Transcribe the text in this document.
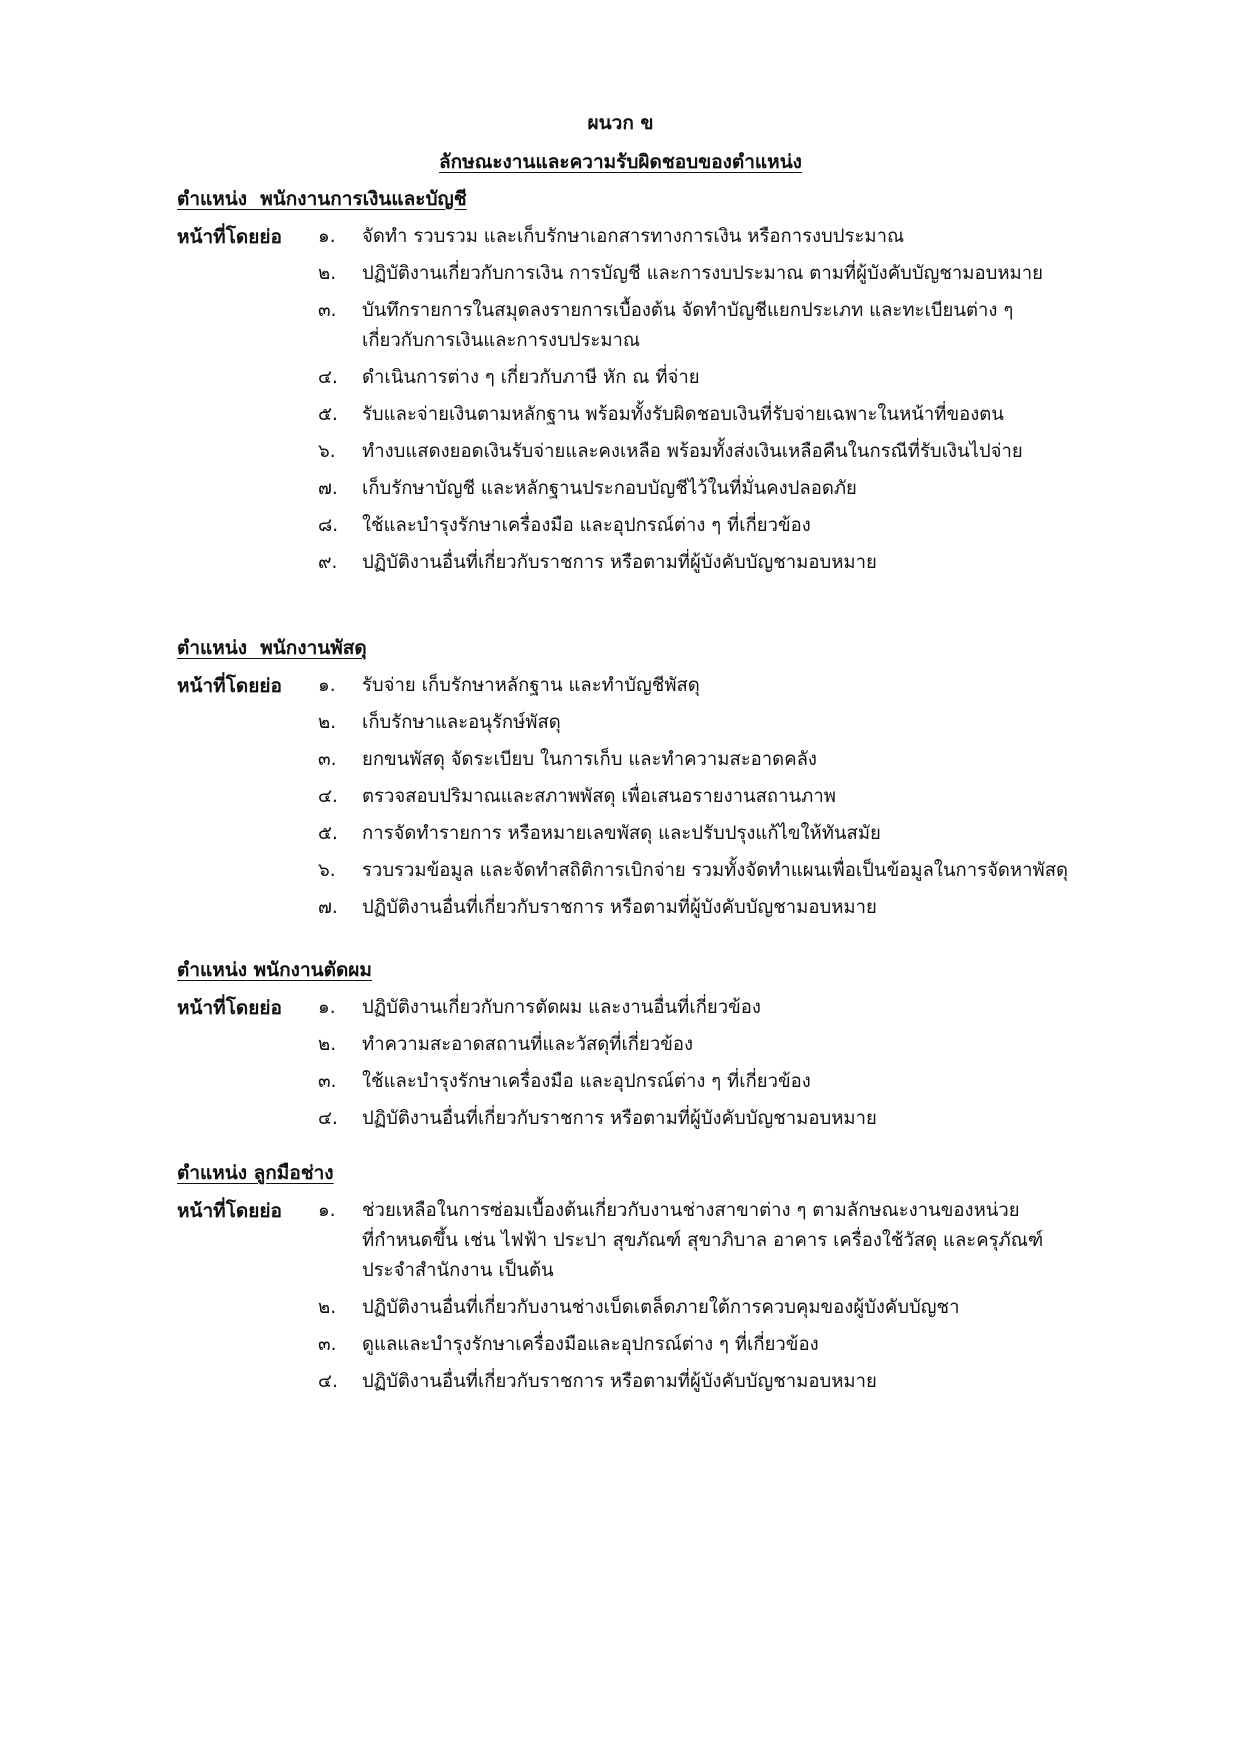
ผนวก ข
ลักษณะงานและความรับผิดชอบของตำแหน่ง
ตำแหน่ง  พนักงานการเงินและบัญชี
หน้าที่โดยย่อ ๑. จัดทำ รวบรวม และเก็บรักษาเอกสารทางการเงิน หรือการงบประมาณ
๒. ปฏิบัติงานเกี่ยวกับการเงิน การบัญชี และการงบประมาณ ตามที่ผู้บังคับบัญชามอบหมาย
๓. บันทึกรายการในสมุดลงรายการเบื้องต้น จัดทำบัญชีแยกประเภท และทะเบียนต่าง ๆ
เกี่ยวกับการเงินและการงบประมาณ
๔. ดำเนินการต่าง ๆ เกี่ยวกับภาษี หัก ณ ที่จ่าย
๕. รับและจ่ายเงินตามหลักฐาน พร้อมทั้งรับผิดชอบเงินที่รับจ่ายเฉพาะในหน้าที่ของตน
๖. ทำงบแสดงยอดเงินรับจ่ายและคงเหลือ พร้อมทั้งส่งเงินเหลือคืนในกรณีที่รับเงินไปจ่าย
๗. เก็บรักษาบัญชี และหลักฐานประกอบบัญชีไว้ในที่มั่นคงปลอดภัย
๘. ใช้และบำรุงรักษาเครื่องมือ และอุปกรณ์ต่าง ๆ ที่เกี่ยวข้อง
๙. ปฏิบัติงานอื่นที่เกี่ยวกับราชการ หรือตามที่ผู้บังคับบัญชามอบหมาย
ตำแหน่ง  พนักงานพัสดุ
หน้าที่โดยย่อ ๑. รับจ่าย เก็บรักษาหลักฐาน และทำบัญชีพัสดุ
๒. เก็บรักษาและอนุรักษ์พัสดุ
๓. ยกขนพัสดุ จัดระเบียบ ในการเก็บ และทำความสะอาดคลัง
๔. ตรวจสอบปริมาณและสภาพพัสดุ เพื่อเสนอรายงานสถานภาพ
๕. การจัดทำรายการ หรือหมายเลขพัสดุ และปรับปรุงแก้ไขให้ทันสมัย
๖. รวบรวมข้อมูล และจัดทำสถิติการเบิกจ่าย รวมทั้งจัดทำแผนเพื่อเป็นข้อมูลในการจัดหาพัสดุ
๗. ปฏิบัติงานอื่นที่เกี่ยวกับราชการ หรือตามที่ผู้บังคับบัญชามอบหมาย
ตำแหน่ง พนักงานตัดผม
หน้าที่โดยย่อ ๑. ปฏิบัติงานเกี่ยวกับการตัดผม และงานอื่นที่เกี่ยวข้อง
๒. ทำความสะอาดสถานที่และวัสดุที่เกี่ยวข้อง
๓. ใช้และบำรุงรักษาเครื่องมือ และอุปกรณ์ต่าง ๆ ที่เกี่ยวข้อง
๔. ปฏิบัติงานอื่นที่เกี่ยวกับราชการ หรือตามที่ผู้บังคับบัญชามอบหมาย
ตำแหน่ง ลูกมือช่าง
หน้าที่โดยย่อ ๑. ช่วยเหลือในการซ่อมเบื้องต้นเกี่ยวกับงานช่างสาขาต่าง ๆ ตามลักษณะงานของหน่วย
ที่กำหนดขึ้น เช่น ไฟฟ้า ประปา สุขภัณฑ์ สุขาภิบาล อาคาร เครื่องใช้วัสดุ และครุภัณฑ์
ประจำสำนักงาน เป็นต้น
๒. ปฏิบัติงานอื่นที่เกี่ยวกับงานช่างเบ็ดเตล็ดภายใต้การควบคุมของผู้บังคับบัญชา
๓. ดูแลและบำรุงรักษาเครื่องมือและอุปกรณ์ต่าง ๆ ที่เกี่ยวข้อง
๔. ปฏิบัติงานอื่นที่เกี่ยวกับราชการ หรือตามที่ผู้บังคับบัญชามอบหมาย
